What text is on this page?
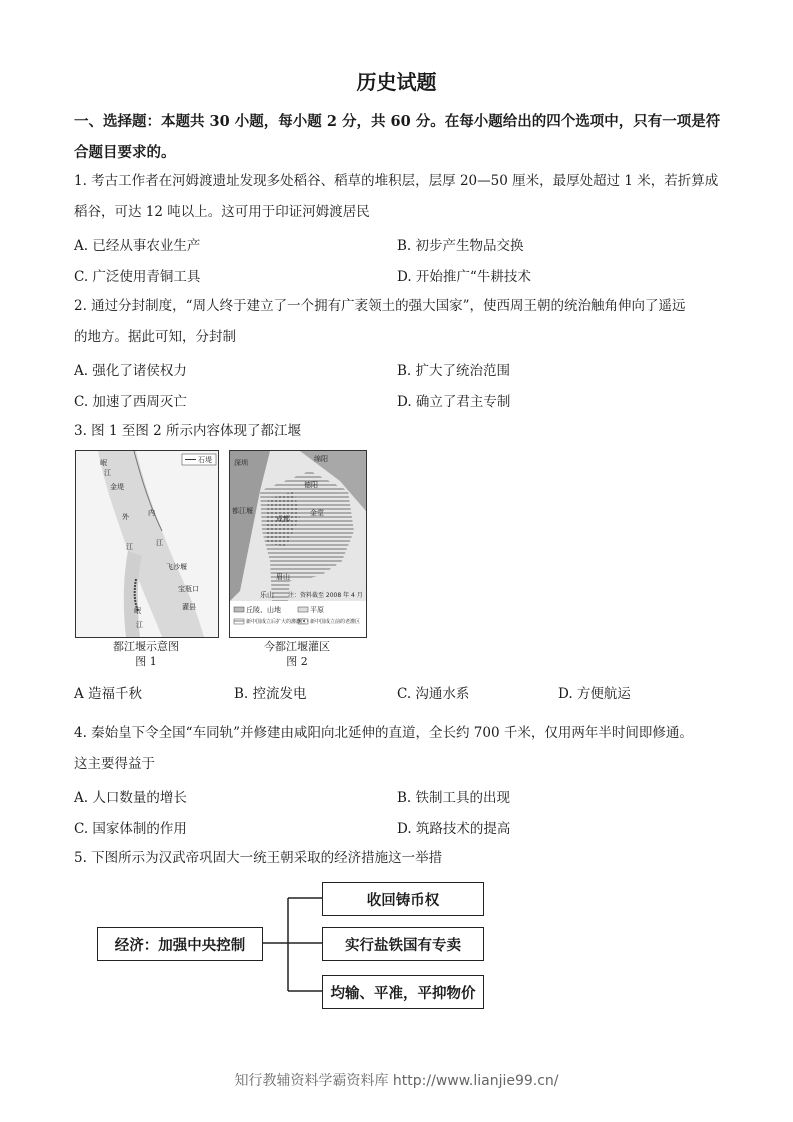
历史试题
一、选择题：本题共 30 小题，每小题 2 分，共 60 分。在每小题给出的四个选项中，只有一项是符合题目要求的。
1. 考古工作者在河姆渡遗址发现多处稻谷、稻草的堆积层，层厚 20—50 厘米，最厚处超过 1 米，若折算成
稻谷，可达 12 吨以上。这可用于印证河姆渡居民
A. 已经从事农业生产	B. 初步产生物品交换
C. 广泛使用青铜工具	D. 开始推广“牛耕技术
2. 通过分封制度，“周人终于建立了一个拥有广袤领土的强大国家”，使西周王朝的统治触角伸向了遥远
的地方。据此可知，分封制
A. 强化了诸侯权力	B. 扩大了统治范围
C. 加速了西周灭亡	D. 确立了君主专制
3. 图 1 至图 2 所示内容体现了都江堰
石堤
岷
江
金堤
外
江
内
江
飞沙堰
宝瓶口
灌县
岷
江
都江堰示意图
图 1
丘陵、山地	平原
新中国成立后扩大的灌溉区 新中国成立前的老灌区
绵阳
深圳
德阳
都江堰
成都
金堂
眉山
乐山 注：资料截至 2008 年 4 月
今都江堰灌区
图 2
A 造福千秋	B. 控流发电	C. 沟通水系	D. 方便航运
4. 秦始皇下令全国“车同轨”并修建由咸阳向北延伸的直道，全长约 700 千米，仅用两年半时间即修通。
这主要得益于
A. 人口数量的增长	B. 铁制工具的出现
C. 国家体制的作用	D. 筑路技术的提高
5. 下图所示为汉武帝巩固大一统王朝采取的经济措施这一举措
经济：加强中央控制
收回铸币权
实行盐铁国有专卖
均输、平准，平抑物价
知行教辅资料学霸资料库 http://www.lianjie99.cn/
